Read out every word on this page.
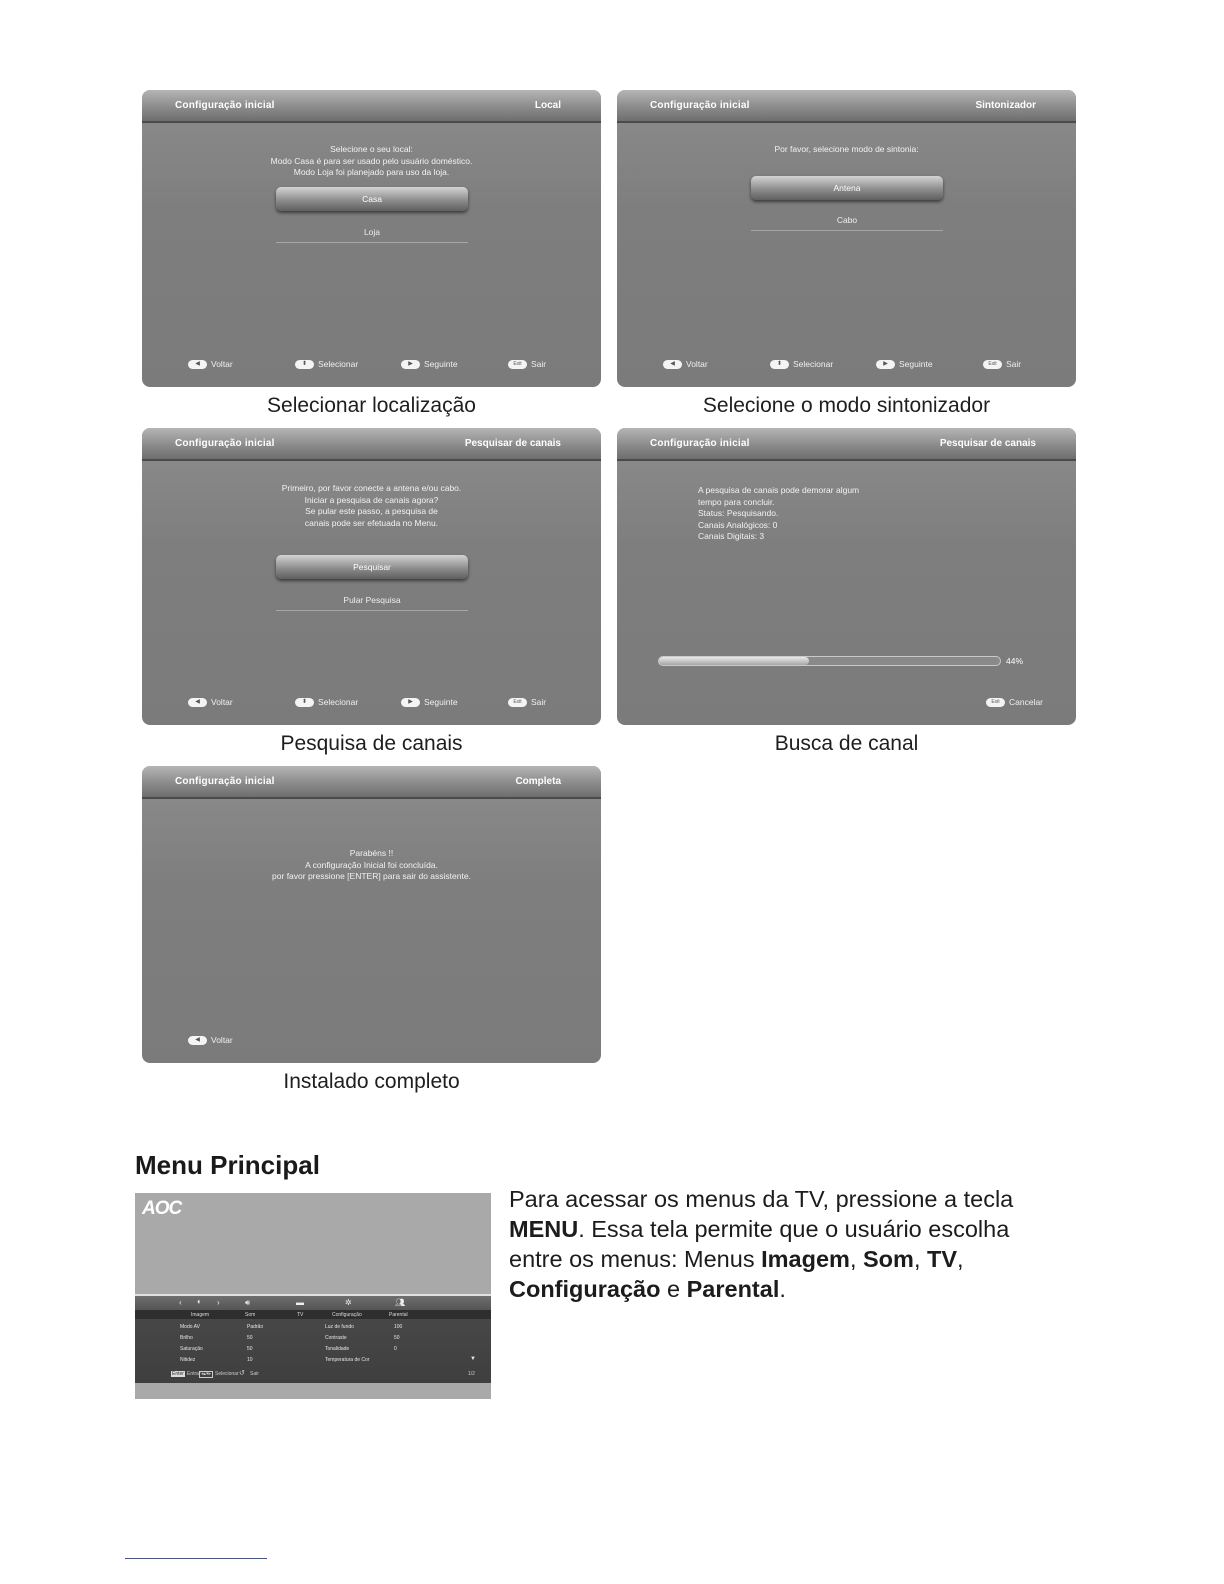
Configuração inicial	Local
Selecione o seu local:
Modo Casa é para ser usado pelo usuário doméstico.
Modo Loja foi planejado para uso da loja.
Casa
Loja
◀
Voltar ⬍	Selecionar ▶	Seguinte Exit	Sair
Selecionar localização
Configuração inicial	Sintonizador
Por favor, selecione modo de sintonia:
Antena
Cabo
◀
Voltar ⬍	Selecionar ▶	Seguinte Exit	Sair
Selecione o modo sintonizador
Configuração inicial	Pesquisar de canais
Primeiro, por favor conecte a antena e/ou cabo.
Iniciar a pesquisa de canais agora?
Se pular este passo, a pesquisa de
canais pode ser efetuada no Menu.
Pesquisar
Pular Pesquisa
◀
Voltar ⬍	Selecionar ▶	Seguinte Exit	Sair
Pesquisa de canais
Configuração inicial	Pesquisar de canais
A pesquisa de canais pode demorar algum
tempo para concluir.
Status: Pesquisando.
Canais Analógicos: 0
Canais Digitais: 3
44%
Exit
Cancelar
Busca de canal
Configuração inicial	Completa
Parabéns !!
A configuração Inicial foi concluída.
por favor pressione [ENTER] para sair do assistente.
◀
Voltar
Instalado completo
Menu Principal
AOC
‹ ◐ ›	🔊︎	▬	✲	👥︎
Imagem	Som	TV	Configuração	Parental
Modo AV	Padrão	Luz de fundo	100
Brilho	50	Contraste	50
Saturação	50	Tonalidade	0
Nitidez	10	Temperatura de Cor	▼
Enter Entrar ◂▴▾▸ Selecionar ↺ Sair	1/2
Para acessar os menus da TV, pressione a tecla MENU. Essa tela permite que o usuário escolha entre os menus: Menus Imagem, Som, TV, Configuração e Parental.
